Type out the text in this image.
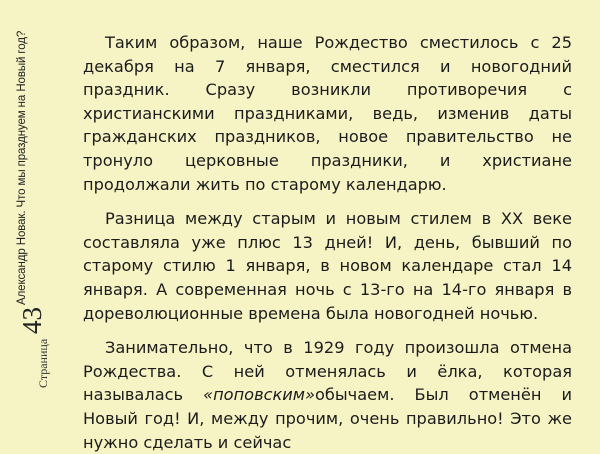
Страница
43
Александр Новак. Что мы празднуем на Новый год?	Таким образом, наше Рождество сместилось с 25 декабря на 7 января, сместился и новогодний праздник. Сразу возникли противоречия с христианскими праздниками, ведь, изменив даты гражданских праздников, новое правительство не тронуло церковные праздники, и христиане продолжали жить по старому календарю.

Разница между старым и новым стилем в XX веке составляла уже плюс 13 дней! И, день, бывший по старому стилю 1 января, в новом календаре стал 14 января. А современная ночь с 13-го на 14-го января в дореволюционные времена была новогодней ночью.

Занимательно, что в 1929 году произошла отмена Рождества. С ней отменялась и ёлка, которая называлась «поповским»обычаем. Был отменён и Новый год! И, между прочим, очень правильно! Это же нужно сделать и сейчас
